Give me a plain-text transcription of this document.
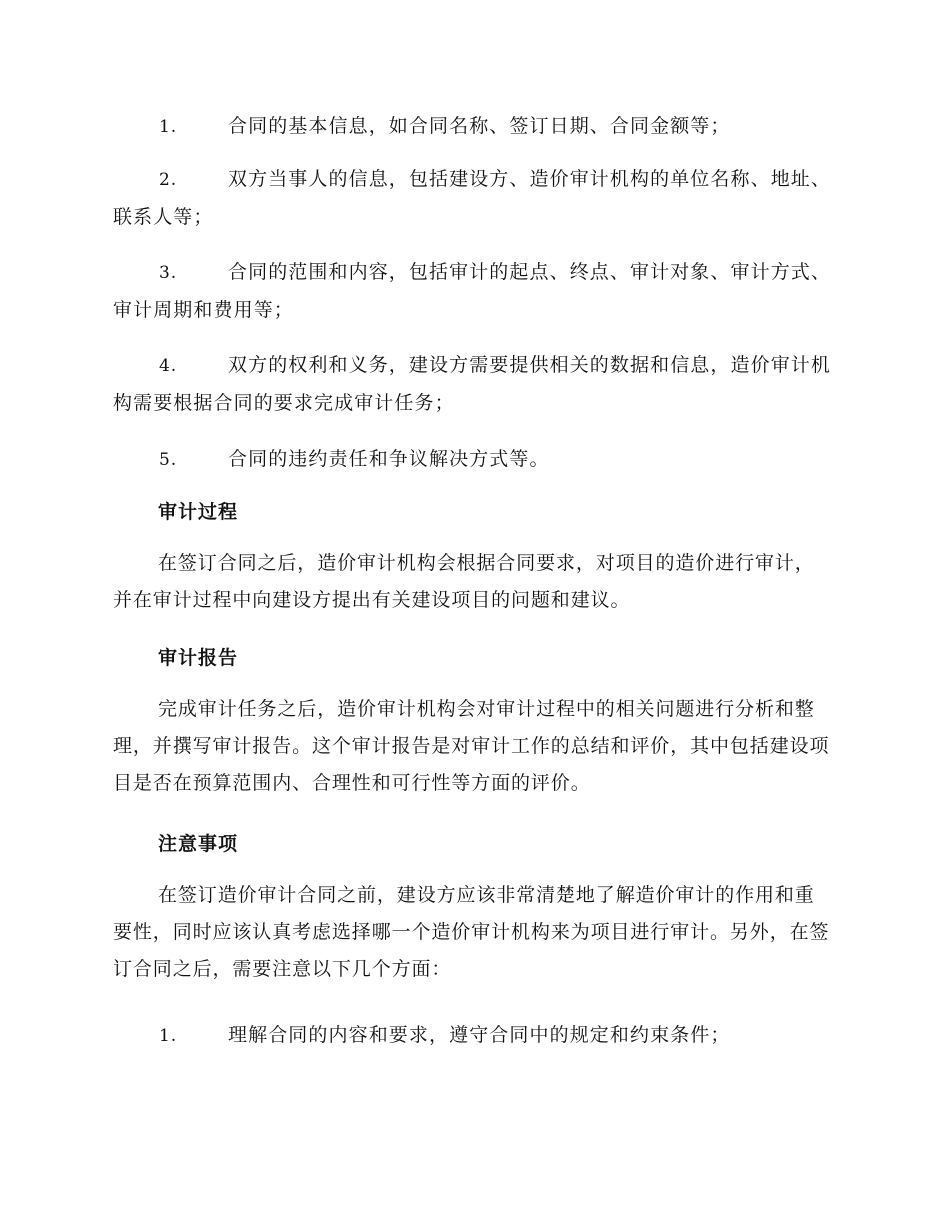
1.	合同的基本信息，如合同名称、签订日期、合同金额等；
2.	双方当事人的信息，包括建设方、造价审计机构的单位名称、地址、联系人等；
3.	合同的范围和内容，包括审计的起点、终点、审计对象、审计方式、审计周期和费用等；
4.	双方的权利和义务，建设方需要提供相关的数据和信息，造价审计机构需要根据合同的要求完成审计任务；
5.	合同的违约责任和争议解决方式等。
审计过程
在签订合同之后，造价审计机构会根据合同要求，对项目的造价进行审计，并在审计过程中向建设方提出有关建设项目的问题和建议。
审计报告
完成审计任务之后，造价审计机构会对审计过程中的相关问题进行分析和整理，并撰写审计报告。这个审计报告是对审计工作的总结和评价，其中包括建设项目是否在预算范围内、合理性和可行性等方面的评价。
注意事项
在签订造价审计合同之前，建设方应该非常清楚地了解造价审计的作用和重要性，同时应该认真考虑选择哪一个造价审计机构来为项目进行审计。另外，在签订合同之后，需要注意以下几个方面：
1.	理解合同的内容和要求，遵守合同中的规定和约束条件；
